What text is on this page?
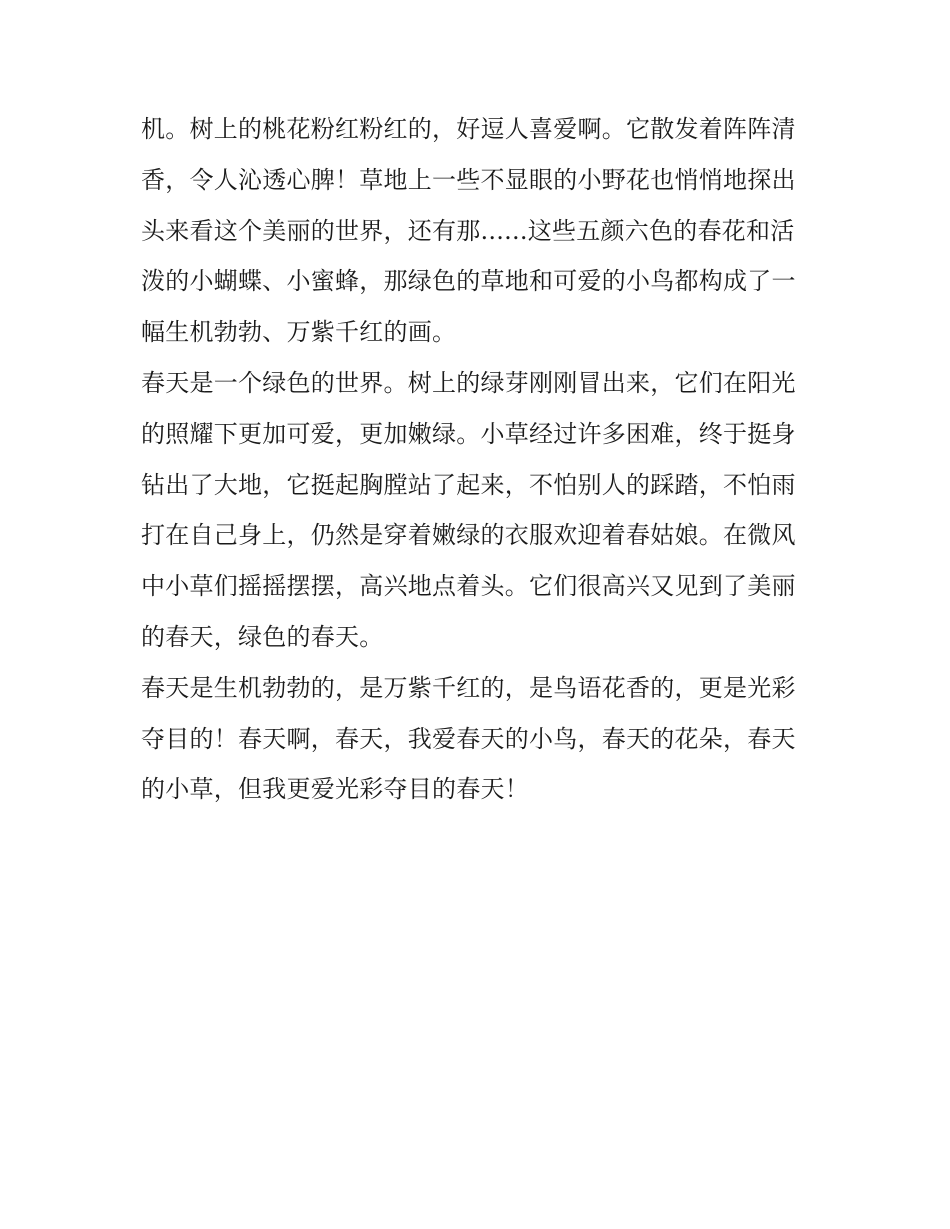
机。树上的桃花粉红粉红的，好逗人喜爱啊。它散发着阵阵清
香，令人沁透心脾！草地上一些不显眼的小野花也悄悄地探出
头来看这个美丽的世界，还有那......这些五颜六色的春花和活
泼的小蝴蝶、小蜜蜂，那绿色的草地和可爱的小鸟都构成了一
幅生机勃勃、万紫千红的画。
春天是一个绿色的世界。树上的绿芽刚刚冒出来，它们在阳光
的照耀下更加可爱，更加嫩绿。小草经过许多困难，终于挺身
钻出了大地，它挺起胸膛站了起来，不怕别人的踩踏，不怕雨
打在自己身上，仍然是穿着嫩绿的衣服欢迎着春姑娘。在微风
中小草们摇摇摆摆，高兴地点着头。它们很高兴又见到了美丽
的春天，绿色的春天。
春天是生机勃勃的，是万紫千红的，是鸟语花香的，更是光彩
夺目的！春天啊，春天，我爱春天的小鸟，春天的花朵，春天
的小草，但我更爱光彩夺目的春天！
